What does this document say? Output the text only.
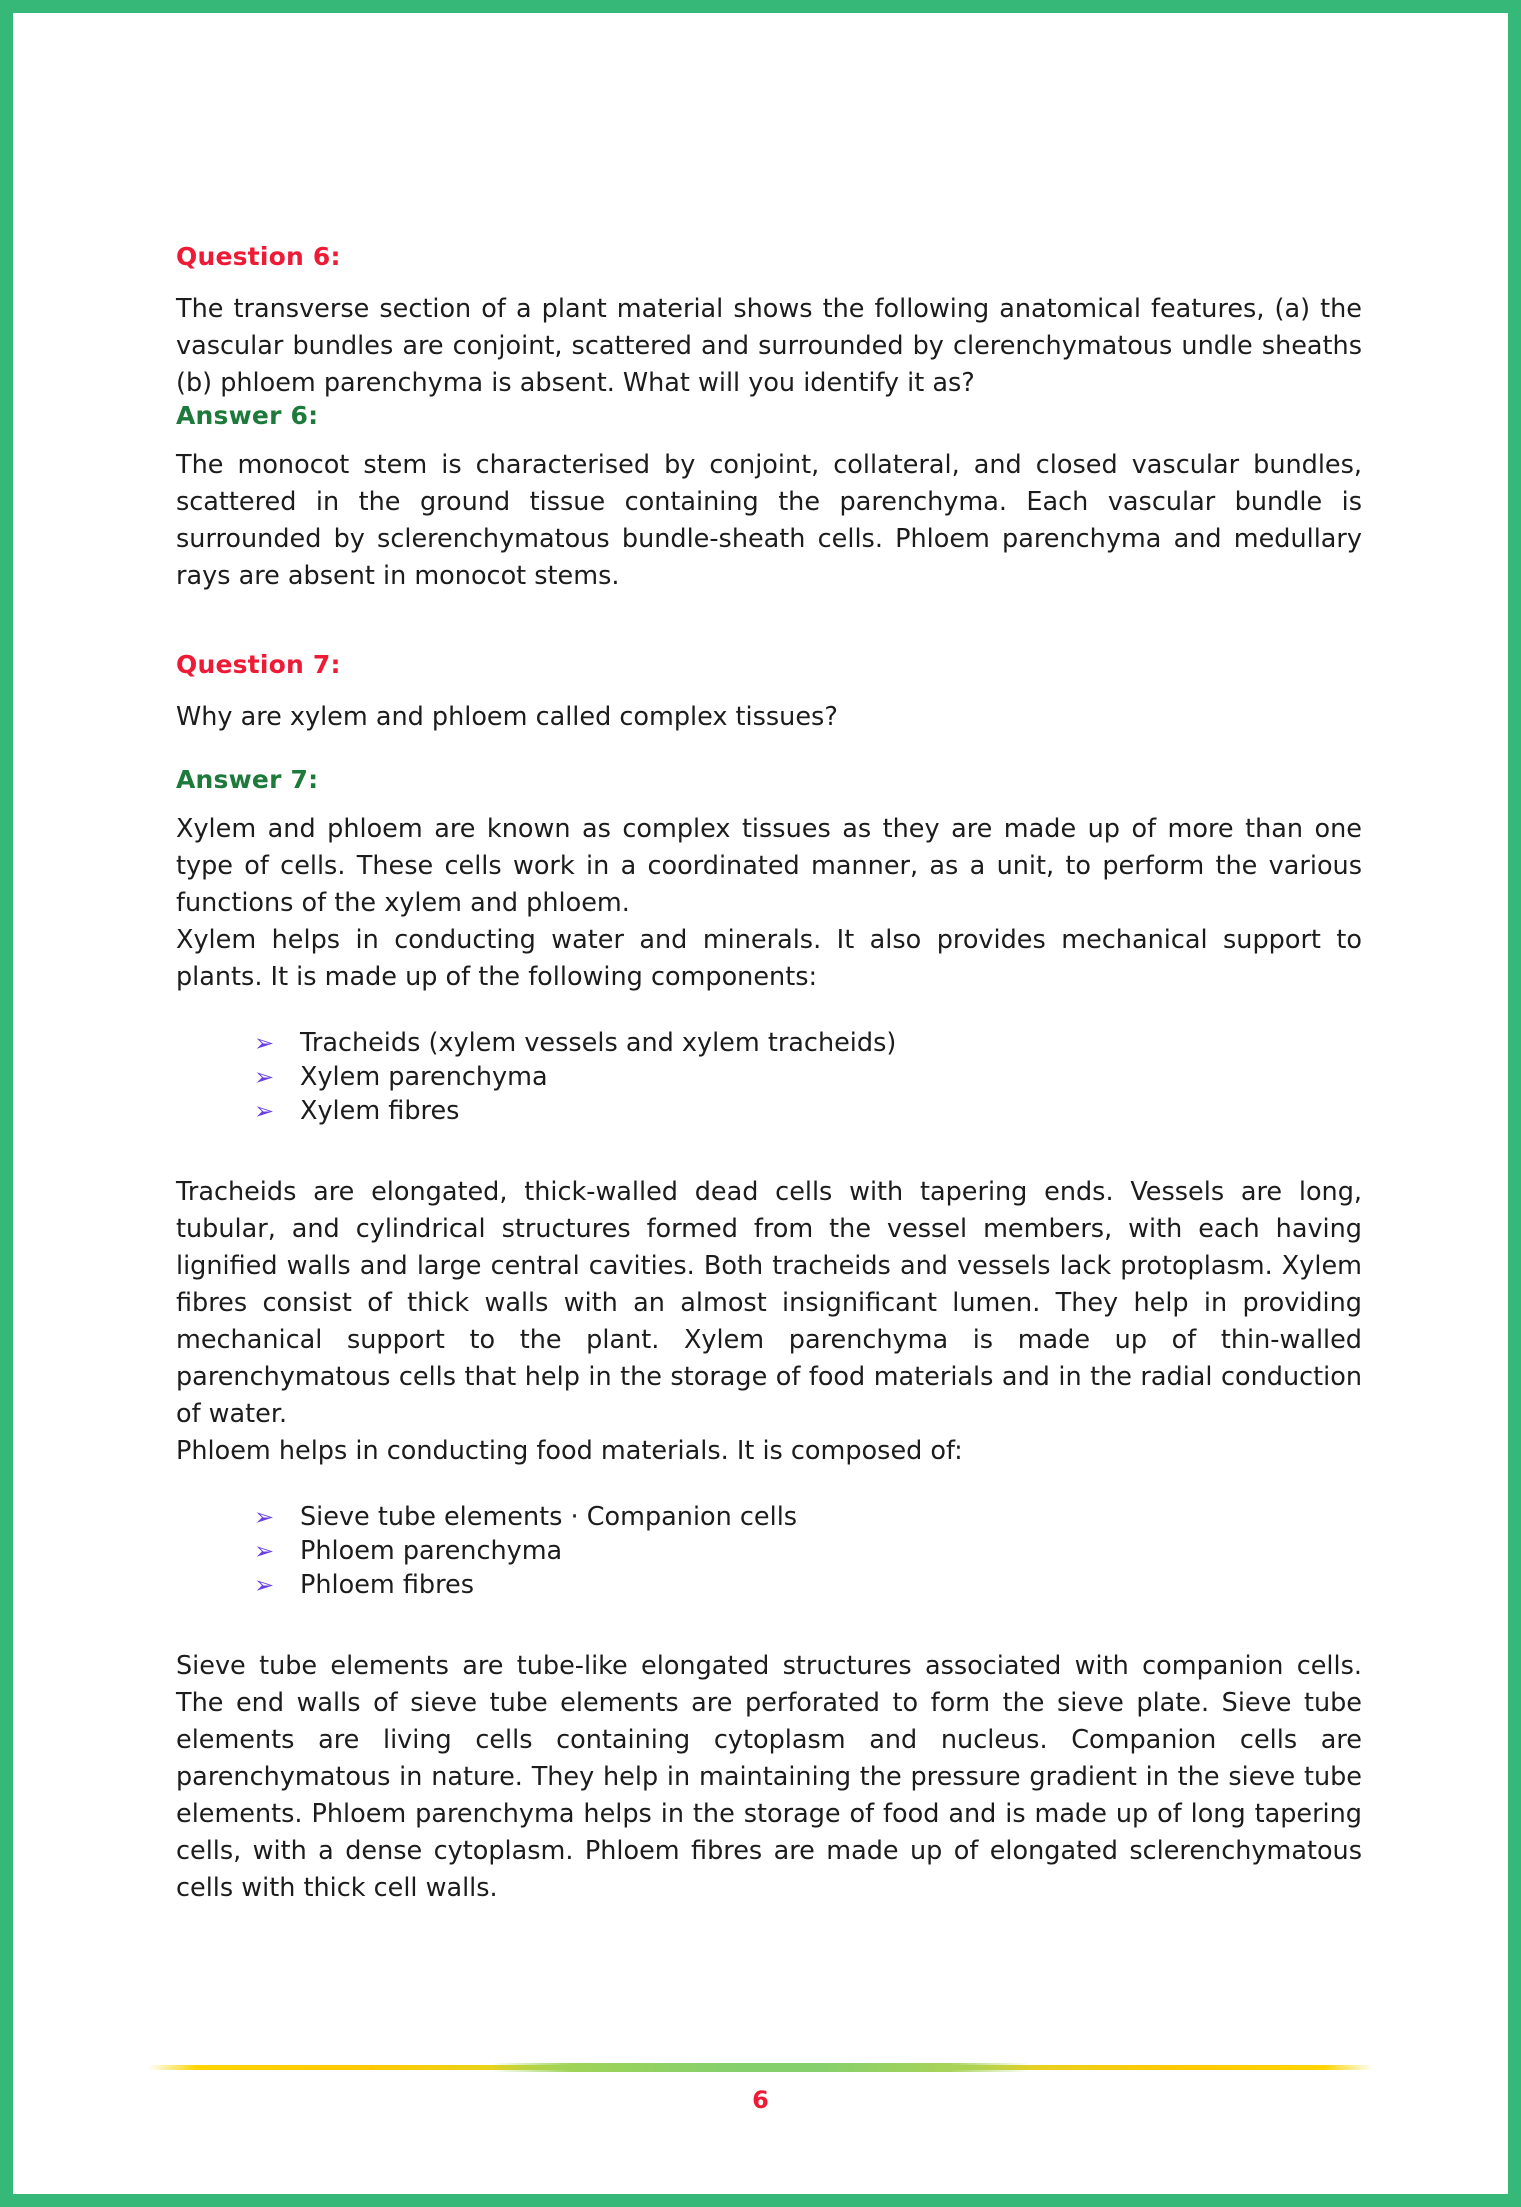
Question 6:

The transverse section of a plant material shows the following anatomical features, (a) the vascular bundles are conjoint, scattered and surrounded by clerenchymatous undle sheaths (b) phloem parenchyma is absent. What will you identify it as?

Answer 6:

The monocot stem is characterised by conjoint, collateral, and closed vascular bundles, scattered in the ground tissue containing the parenchyma. Each vascular bundle is surrounded by sclerenchymatous bundle-sheath cells. Phloem parenchyma and medullary rays are absent in monocot stems.

Question 7:

Why are xylem and phloem called complex tissues?

Answer 7:

Xylem and phloem are known as complex tissues as they are made up of more than one type of cells. These cells work in a coordinated manner, as a unit, to perform the various functions of the xylem and phloem.

Xylem helps in conducting water and minerals. It also provides mechanical support to plants. It is made up of the following components:

➢	Tracheids (xylem vessels and xylem tracheids)
➢	Xylem parenchyma
➢	Xylem fibres

Tracheids are elongated, thick-walled dead cells with tapering ends. Vessels are long, tubular, and cylindrical structures formed from the vessel members, with each having lignified walls and large central cavities. Both tracheids and vessels lack protoplasm. Xylem fibres consist of thick walls with an almost insignificant lumen. They help in providing mechanical support to the plant. Xylem parenchyma is made up of thin-walled parenchymatous cells that help in the storage of food materials and in the radial conduction of water.

Phloem helps in conducting food materials. It is composed of:

➢	Sieve tube elements · Companion cells
➢	Phloem parenchyma
➢	Phloem fibres

Sieve tube elements are tube-like elongated structures associated with companion cells. The end walls of sieve tube elements are perforated to form the sieve plate. Sieve tube elements are living cells containing cytoplasm and nucleus. Companion cells are parenchymatous in nature. They help in maintaining the pressure gradient in the sieve tube elements. Phloem parenchyma helps in the storage of food and is made up of long tapering cells, with a dense cytoplasm. Phloem fibres are made up of elongated sclerenchymatous cells with thick cell walls.

6
